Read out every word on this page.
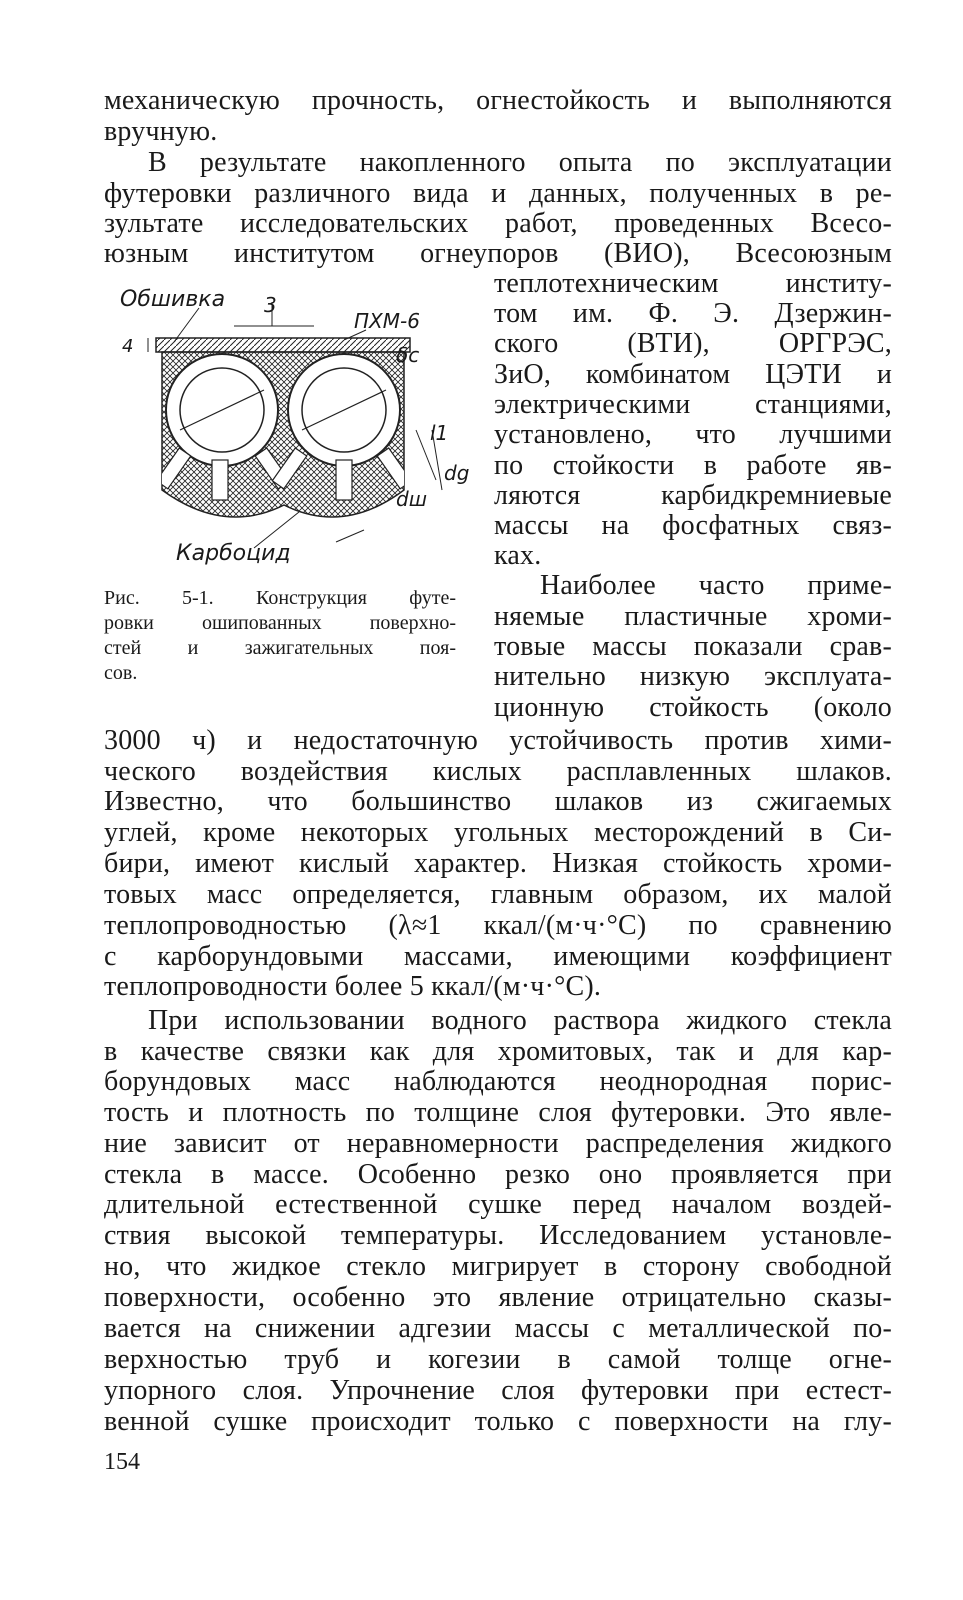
механическую прочность, огнестойкость и выполняются
вручную.
В результате накопленного опыта по эксплуатации
футеровки различного вида и данных, полученных в ре-
зультате исследовательских работ, проведенных Всесо-
юзным институтом огнеупоров (ВИО), Всесоюзным
теплотехническим институ-
том им. Ф. Э. Дзержин-
ского (ВТИ), ОРГРЭС,
ЗиО, комбинатом ЦЭТИ и
электрическими станциями,
установлено, что лучшими
по стойкости в работе яв-
ляются карбидкремниевые
массы на фосфатных связ-
ках.
Наиболее часто приме-
няемые пластичные хроми-
товые массы показали срав-
нительно низкую эксплуата-
ционную стойкость (около
3000 ч) и недостаточную устойчивость против хими-
ческого воздействия кислых расплавленных шлаков.
Известно, что большинство шлаков из сжигаемых
углей, кроме некоторых угольных месторождений в Си-
бири, имеют кислый характер. Низкая стойкость хроми-
товых масс определяется, главным образом, их малой
теплопроводностью (λ≈1 ккал/(м·ч·°C) по сравнению
с карборундовыми массами, имеющими коэффициент
теплопроводности более 5 ккал/(м·ч·°C).
При использовании водного раствора жидкого стекла
в качестве связки как для хромитовых, так и для кар-
борундовых масс наблюдаются неоднородная порис-
тость и плотность по толщине слоя футеровки. Это явле-
ние зависит от неравномерности распределения жидкого
стекла в массе. Особенно резко оно проявляется при
длительной естественной сушке перед началом воздей-
ствия высокой температуры. Исследованием установле-
но, что жидкое стекло мигрирует в сторону свободной
поверхности, особенно это явление отрицательно сказы-
вается на снижении адгезии массы с металлической по-
верхностью труб и когезии в самой толще огне-
упорного слоя. Упрочнение слоя футеровки при естест-
венной сушке происходит только с поверхности на глу-
Обшивка 3
ПХМ-6
4	δс
l1
dg
dш
Карбоцид
Рис. 5-1. Конструкция футе-
ровки ошипованных поверхно-
стей и зажигательных поя-
сов.
154
